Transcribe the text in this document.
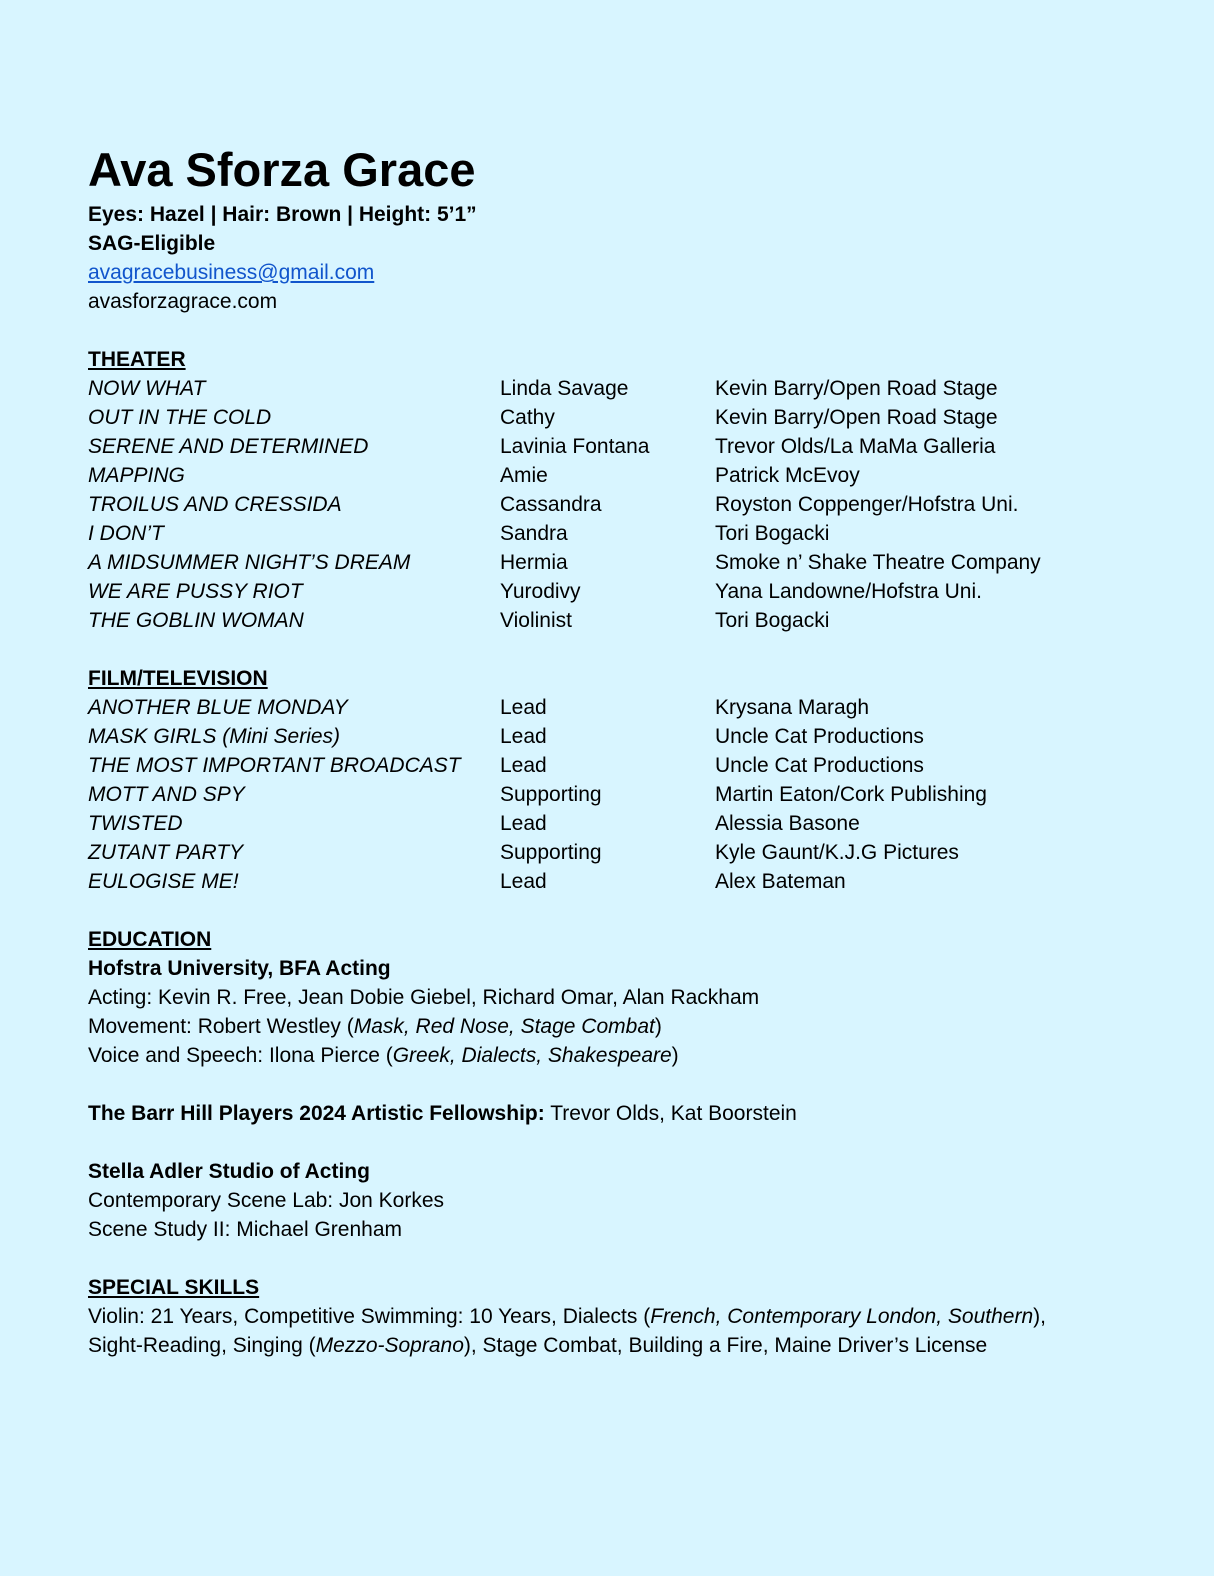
Ava Sforza Grace
Eyes: Hazel | Hair: Brown | Height: 5’1”
SAG-Eligible
avagracebusiness@gmail.com
avasforzagrace.com
THEATER
NOW WHAT	Linda Savage	Kevin Barry/Open Road Stage
OUT IN THE COLD	Cathy	Kevin Barry/Open Road Stage
SERENE AND DETERMINED	Lavinia Fontana	Trevor Olds/La MaMa Galleria
MAPPING	Amie	Patrick McEvoy
TROILUS AND CRESSIDA	Cassandra	Royston Coppenger/Hofstra Uni.
I DON’T	Sandra	Tori Bogacki
A MIDSUMMER NIGHT’S DREAM	Hermia	Smoke n’ Shake Theatre Company
WE ARE PUSSY RIOT	Yurodivy	Yana Landowne/Hofstra Uni.
THE GOBLIN WOMAN	Violinist	Tori Bogacki
FILM/TELEVISION
ANOTHER BLUE MONDAY	Lead	Krysana Maragh
MASK GIRLS (Mini Series)	Lead	Uncle Cat Productions
THE MOST IMPORTANT BROADCAST	Lead	Uncle Cat Productions
MOTT AND SPY	Supporting	Martin Eaton/Cork Publishing
TWISTED	Lead	Alessia Basone
ZUTANT PARTY	Supporting	Kyle Gaunt/K.J.G Pictures
EULOGISE ME!	Lead	Alex Bateman
EDUCATION
Hofstra University, BFA Acting
Acting: Kevin R. Free, Jean Dobie Giebel, Richard Omar, Alan Rackham
Movement: Robert Westley (Mask, Red Nose, Stage Combat)
Voice and Speech: Ilona Pierce (Greek, Dialects, Shakespeare)
The Barr Hill Players 2024 Artistic Fellowship: Trevor Olds, Kat Boorstein
Stella Adler Studio of Acting
Contemporary Scene Lab: Jon Korkes
Scene Study II: Michael Grenham
SPECIAL SKILLS
Violin: 21 Years, Competitive Swimming: 10 Years, Dialects (French, Contemporary London, Southern),
Sight-Reading, Singing (Mezzo-Soprano), Stage Combat, Building a Fire, Maine Driver’s License
